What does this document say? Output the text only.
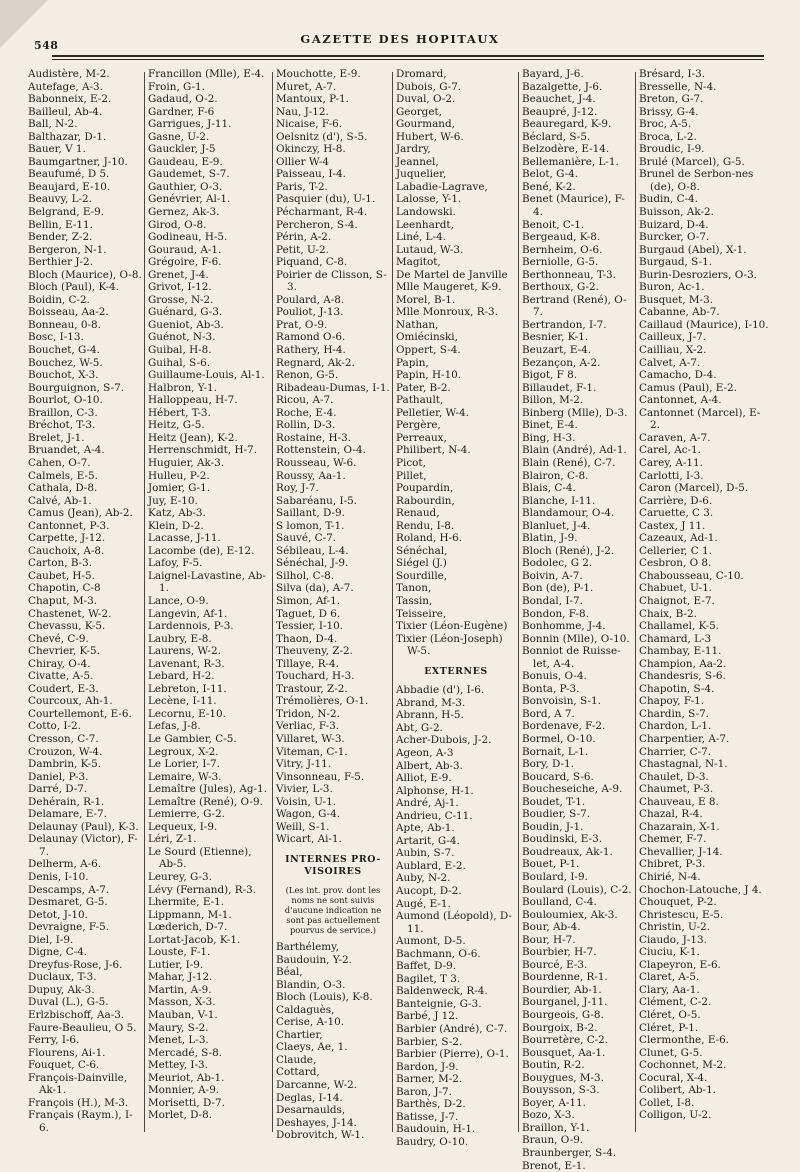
548	GAZETTE DES HOPITAUX
Audistère, M-2.
Autefage, A-3.
Babonneix, E-2.
Bailleul, Ab-4.
Ball, N-2.
Balthazar, D-1.
Bauer, V 1.
Baumgartner, J-10.
Beaufumé, D 5.
Beaujard, E-10.
Beauvy, L-2.
Belgrand, E-9.
Bellin, E-11.
Bender, Z-2.
Bergeron, N-1.
Berthier J-2.
Bloch (Maurice), O-8.
Bloch (Paul), K-4.
Boidin, C-2.
Boisseau, Aa-2.
Bonneau, 0-8.
Bosc, I-13.
Bouchet, G-4.
Bouchez, W-5.
Bouchot, X-3.
Bourguignon, S-7.
Bourlot, O-10.
Braillon, C-3.
Bréchot, T-3.
Brelet, J-1.
Bruandet, A-4.
Cahen, O-7.
Calmels, E-5.
Cathala, D-8.
Calvé, Ab-1.
Camus (Jean), Ab-2.
Cantonnet, P-3.
Carpette, J-12.
Cauchoix, A-8.
Carton, B-3.
Caubet, H-5.
Chapotin, C-8
Chaput, M-3.
Chastenet, W-2.
Chevassu, K-5.
Chevé, C-9.
Chevrier, K-5.
Chiray, O-4.
Civatte, A-5.
Coudert, E-3.
Courcoux, Ah-1.
Courtellemont, E-6.
Cotto, I-2.
Cresson, C-7.
Crouzon, W-4.
Dambrin, K-5.
Daniel, P-3.
Darré, D-7.
Dehérain, R-1.
Delamare, E-7.
Delaunay (Paul), K-3.
Delaunay (Victor), F-7.
Delherm, A-6.
Denis, I-10.
Descamps, A-7.
Desmaret, G-5.
Detot, J-10.
Devraigne, F-5.
Diel, I-9.
Digne, C-4.
Dreyfus-Rose, J-6.
Duclaux, T-3.
Dupuy, Ak-3.
Duval (L.), G-5.
Erlzbischoff, Aa-3.
Faure-Beaulieu, O 5.
Ferry, I-6.
Flourens, Ai-1.
Fouquet, C-6.
François-Dainville, Ak-1.
François (H.), M-3.
Français (Raym.), I-6.
Francillon (Mlle), E-4.
Froin, G-1.
Gadaud, O-2.
Gardner, F-6
Garrigues, J-11.
Gasne, U-2.
Gauckler, J-5
Gaudeau, E-9.
Gaudemet, S-7.
Gauthier, O-3.
Genévrier, Al-1.
Gernez, Ak-3.
Girod, O-8.
Godineau, H-5.
Gouraud, A-1.
Grégoire, F-6.
Grenet, J-4.
Grivot, I-12.
Grosse, N-2.
Guénard, G-3.
Gueniot, Ab-3.
Guénot, N-3.
Guibal, H-8.
Guihal, S-6.
Guillaume-Louis, Al-1.
Halbron, Y-1.
Halloppeau, H-7.
Hébert, T-3.
Heitz, G-5.
Heitz (Jean), K-2.
Herrenschmidt, H-7.
Huguier, Ak-3.
Hulleu, P-2.
Jomier, G-1.
Juy, E-10.
Katz, Ab-3.
Klein, D-2.
Lacasse, J-11.
Lacombe (de), E-12.
Lafoy, F-5.
Laignel-Lavastine, Ab-1.
Lance, O-9.
Langevin, Af-1.
Lardennois, P-3.
Laubry, E-8.
Laurens, W-2.
Lavenant, R-3.
Lebard, H-2.
Lebreton, I-11.
Lecène, I-11.
Lecornu, E-10.
Lefas, J-8.
Le Gambier, C-5.
Legroux, X-2.
Le Lorier, I-7.
Lemaire, W-3.
Lemaître (Jules), Ag-1.
Lemaître (René), O-9.
Lemierre, G-2.
Lequeux, I-9.
Léri, Z-1.
Le Sourd (Etienne), Ab-5.
Leurey, G-3.
Lévy (Fernand), R-3.
Lhermite, E-1.
Lippmann, M-1.
Lœderich, D-7.
Lortat-Jacob, K-1.
Louste, F-1.
Lutier, I-9.
Mahar, J-12.
Martin, A-9.
Masson, X-3.
Mauban, V-1.
Maury, S-2.
Menet, L-3.
Mercadé, S-8.
Mettey, I-3.
Meuriot, Ab-1.
Monnier, A-9.
Morisetti, D-7.
Morlet, D-8.
Mouchotte, E-9.
Muret, A-7.
Mantoux, P-1.
Nau, J-12.
Nicaise, F-6.
Oelsnitz (d'), S-5.
Okinczy, H-8.
Ollier W-4
Paisseau, I-4.
Paris, T-2.
Pasquier (du), U-1.
Pécharmant, R-4.
Percheron, S-4.
Périn, A-2.
Petit, U-2.
Piquand, C-8.
Poirier de Clisson, S-3.
Poulard, A-8.
Pouliot, J-13.
Prat, O-9.
Ramond O-6.
Rathery, H-4.
Regnard, Ak-2.
Renon, G-5.
Ribadeau-Dumas, I-1.
Ricou, A-7.
Roche, E-4.
Rollin, D-3.
Rostaine, H-3.
Rottenstein, O-4.
Rousseau, W-6.
Roussy, Aa-1.
Roy, J-7.
Sabaréanu, I-5.
Saillant, D-9.
S lomon, T-1.
Sauvé, C-7.
Sébileau, L-4.
Sénéchal, J-9.
Silhol, C-8.
Silva (da), A-7.
Simon, Af-1.
Taguet, D 6.
Tessier, I-10.
Thaon, D-4.
Theuveny, Z-2.
Tillaye, R-4.
Touchard, H-3.
Trastour, Z-2.
Trémolières, O-1.
Tridon, N-2.
Verliac, F-3.
Villaret, W-3.
Viteman, C-1.
Vitry, J-11.
Vinsonneau, F-5.
Vivier, L-3.
Voisin, U-1.
Wagon, G-4.
Weill, S-1.
Wicart, Ai-1.
INTERNES PRO-VISOIRES
(Les int. prov. dont les noms ne sont suivis d'aucune indication ne sont pas actuellement pourvus de service.)
Barthélemy,
Baudouin, Y-2.
Béal,
Blandin, O-3.
Bloch (Louis), K-8.
Caldaguès,
Cerise, A-10.
Chartier,
Claeys, Ae, 1.
Claude,
Cottard,
Darcanne, W-2.
Deglas, I-14.
Desarnaulds,
Deshayes, J-14.
Dobrovitch, W-1.
Dromard,
Dubois, G-7.
Duval, O-2.
Georget,
Gourmand,
Hubert, W-6.
Jardry,
Jeannel,
Juquelier,
Labadie-Lagrave,
Lalosse, Y-1.
Landowski.
Leenhardt,
Liné, L-4.
Lutaud, W-3.
Magitot,
De Martel de Janville
Mlle Maugeret, K-9.
Morel, B-1.
Mlle Monroux, R-3.
Nathan,
Omiécinski,
Oppert, S-4.
Papin,
Papin, H-10.
Pater, B-2.
Pathault,
Pelletier, W-4.
Pergère,
Perreaux,
Philibert, N-4.
Picot,
Pillet,
Poupardin,
Rabourdin,
Renaud,
Rendu, I-8.
Roland, H-6.
Sénéchal,
Siégel (J.)
Sourdille,
Tanon,
Tassin,
Teisseire,
Tixier (Léon-Eugène)
Tixier (Léon-Joseph) W-5.
EXTERNES
Abbadie (d'), I-6.
Abrand, M-3.
Abrann, H-5.
Abt, G-2.
Acher-Dubois, J-2.
Ageon, A-3
Albert, Ab-3.
Alliot, E-9.
Alphonse, H-1.
André, Aj-1.
Andrieu, C-11.
Apte, Ab-1.
Artarit, G-4.
Aubin, S-7.
Aublard, E-2.
Auby, N-2.
Aucopt, D-2.
Augé, E-1.
Aumond (Léopold), D-11.
Aumont, D-5.
Bachmann, O-6.
Baffet, D-9.
Bagilet, T 3.
Baldenweck, R-4.
Banteignie, G-3.
Barbé, J 12.
Barbier (André), C-7.
Barbier, S-2.
Barbier (Pierre), O-1.
Bardon, J-9.
Barner, M-2.
Baron, J-7.
Barthès, D-2.
Batisse, J-7.
Baudouin, H-1.
Baudry, O-10.
Bayard, J-6.
Bazalgette, J-6.
Beauchet, J-4.
Beaupré, J-12.
Beauregard, K-9.
Béclard, S-5.
Belzodère, E-14.
Bellemanière, L-1.
Belot, G-4.
Bené, K-2.
Benet (Maurice), F-4.
Benoit, C-1.
Bergeaud, K-8.
Bernheim, O-6.
Berniolle, G-5.
Berthonneau, T-3.
Berthoux, G-2.
Bertrand (René), O-7.
Bertrandon, I-7.
Besnier, K-1.
Beuzart, E-4.
Bezançon, A-2.
Bigot, F 8.
Billaudet, F-1.
Billon, M-2.
Binberg (Mlle), D-3.
Binet, E-4.
Bing, H-3.
Blain (André), Ad-1.
Blain (René), C-7.
Blairon, C-8.
Blais, C-4.
Blanche, I-11.
Blandamour, O-4.
Blanluet, J-4.
Blatin, J-9.
Bloch (René), J-2.
Bodolec, G 2.
Boivin, A-7.
Bon (de), P-1.
Bondal, I-7.
Bondon, F-8.
Bonhomme, J-4.
Bonnin (Mlle), O-10.
Bonniot de Ruisse-let, A-4.
Bonuis, O-4.
Bonta, P-3.
Bonvoisin, S-1.
Bord, A 7.
Bordenave, F-2.
Bormel, O-10.
Bornait, L-1.
Bory, D-1.
Boucard, S-6.
Boucheseiche, A-9.
Boudet, T-1.
Boudier, S-7.
Boudin, J-1.
Boudinski, E-3.
Boudreaux, Ak-1.
Bouet, P-1.
Boulard, I-9.
Boulard (Louis), C-2.
Boulland, C-4.
Bouloumiex, Ak-3.
Bour, Ab-4.
Bour, H-7.
Bourbier, H-7.
Bourcé, E-3.
Bourdenne, R-1.
Bourdier, Ab-1.
Bourganel, J-11.
Bourgeois, G-8.
Bourgoix, B-2.
Bourretère, C-2.
Bousquet, Aa-1.
Boutin, R-2.
Bouygues, M-3.
Bouysson, S-3.
Boyer, A-11.
Bozo, X-3.
Braillon, Y-1.
Braun, O-9.
Braunberger, S-4.
Brenot, E-1.
Brésard, I-3.
Bresselle, N-4.
Breton, G-7.
Brissy, G-4.
Broc, A-5.
Broca, L-2.
Broudic, I-9.
Brulé (Marcel), G-5.
Brunel de Serbon-nes (de), O-8.
Budin, C-4.
Buisson, Ak-2.
Buizard, D-4.
Burcker, O-7.
Burgaud (Abel), X-1.
Burgaud, S-1.
Burin-Desroziers, O-3.
Buron, Ac-1.
Busquet, M-3.
Cabanne, Ab-7.
Caillaud (Maurice), I-10.
Cailleux, J-7.
Cailliau, X-2.
Calvet, A-7.
Camacho, D-4.
Camus (Paul), E-2.
Cantonnet, A-4.
Cantonnet (Marcel), E-2.
Caraven, A-7.
Carel, Ac-1.
Carey, A-11.
Carlotti, I-3.
Caron (Marcel), D-5.
Carrière, D-6.
Caruette, C 3.
Castex, J 11.
Cazeaux, Ad-1.
Cellerier, C 1.
Cesbron, O 8.
Chabousseau, C-10.
Chabuet, U-1.
Chaignot, E-7.
Chaix, B-2.
Challamel, K-5.
Chamard, L-3
Chambay, E-11.
Champion, Aa-2.
Chandesris, S-6.
Chapotin, S-4.
Chapoy, F-1.
Chardin, S-7.
Chardon, L-1.
Charpentier, A-7.
Charrier, C-7.
Chastagnal, N-1.
Chaulet, D-3.
Chaumet, P-3.
Chauveau, E 8.
Chazal, R-4.
Chazarain, X-1.
Chemer, F-7.
Chevallier, J-14.
Chibret, P-3.
Chirié, N-4.
Chochon-Latouche, J 4.
Chouquet, P-2.
Christescu, E-5.
Christin, U-2.
Ciaudo, J-13.
Ciuciu, K-1.
Clapeyron, E-6.
Claret, A-5.
Clary, Aa-1.
Clément, C-2.
Cléret, O-5.
Cléret, P-1.
Clermonthe, E-6.
Clunet, G-5.
Cochonnet, M-2.
Cocural, X-4.
Colibert, Ab-1.
Collet, I-8.
Colligon, U-2.
